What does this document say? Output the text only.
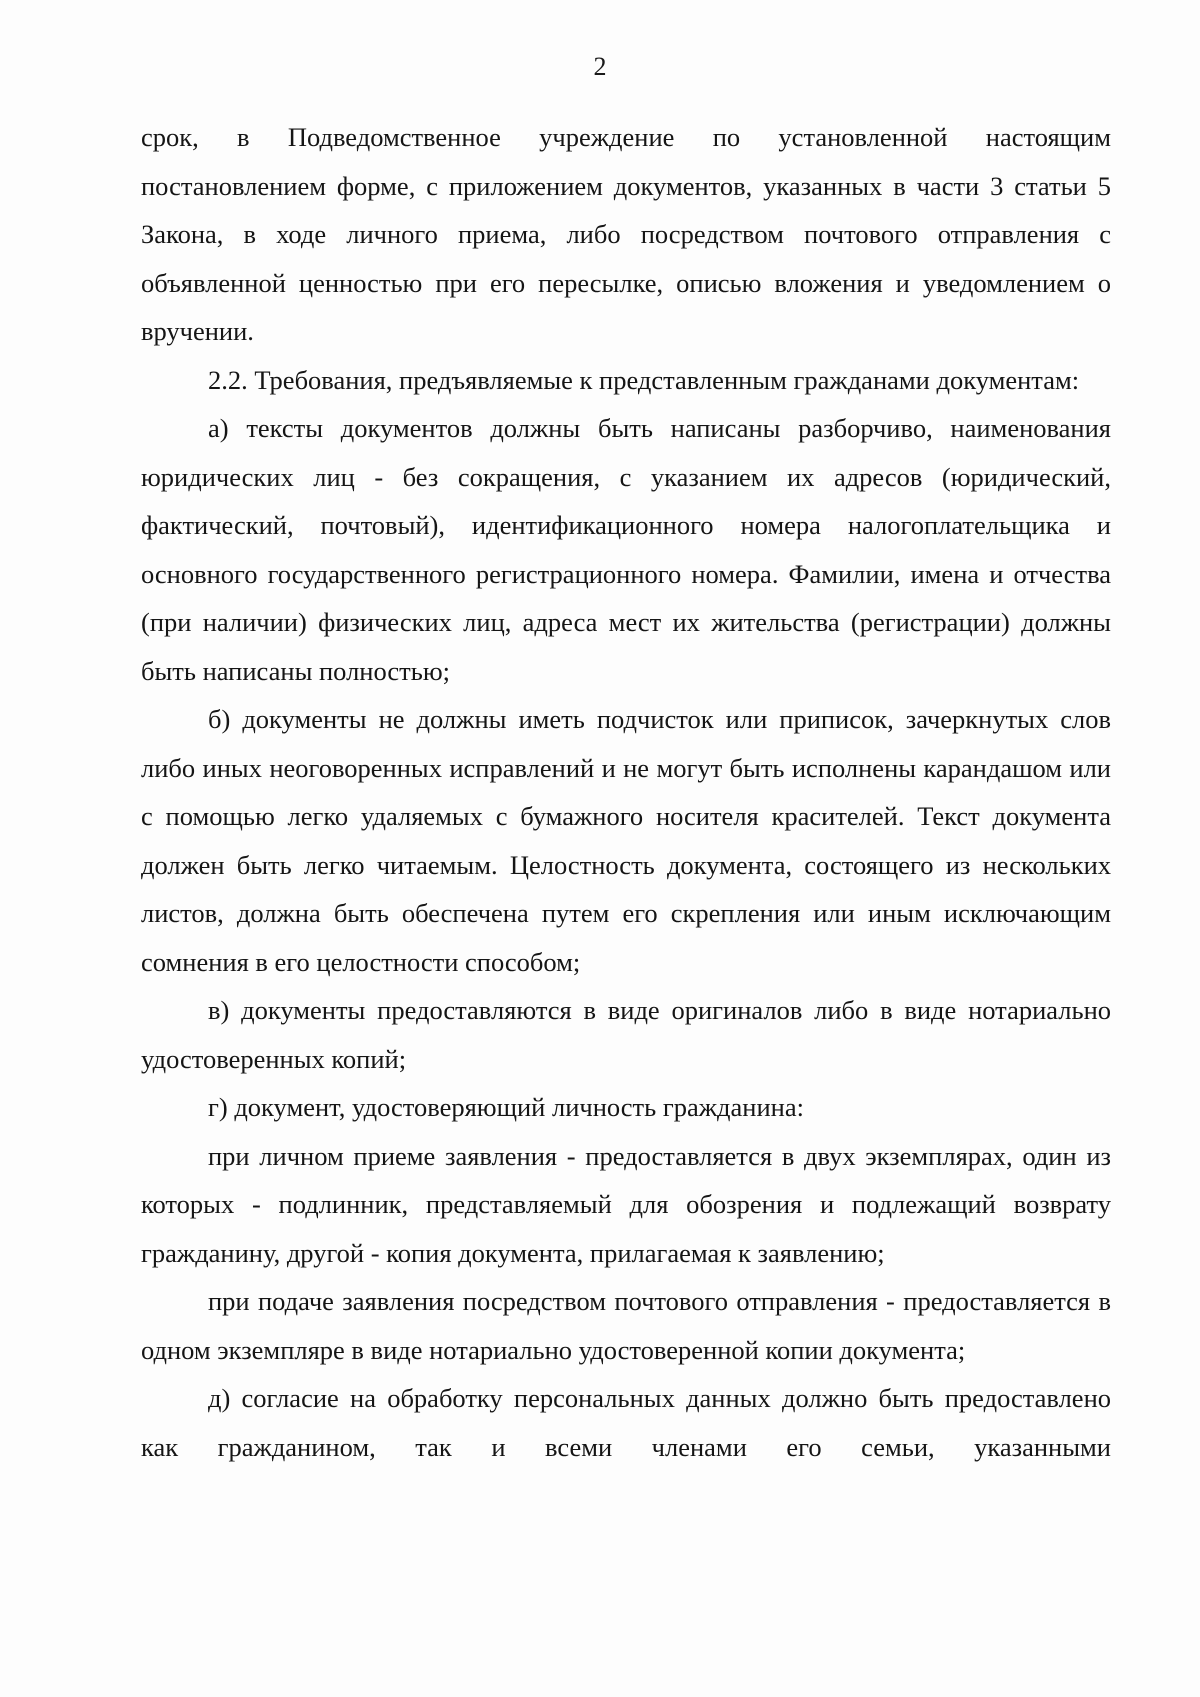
2

срок, в Подведомственное учреждение по установленной настоящим постановлением форме, с приложением документов, указанных в части 3 статьи 5 Закона, в ходе личного приема, либо посредством почтового отправления с объявленной ценностью при его пересылке, описью вложения и уведомлением о вручении.

2.2. Требования, предъявляемые к представленным гражданами документам:

а) тексты документов должны быть написаны разборчиво, наименования юридических лиц - без сокращения, с указанием их адресов (юридический, фактический, почтовый), идентификационного номера налогоплательщика и основного государственного регистрационного номера. Фамилии, имена и отчества (при наличии) физических лиц, адреса мест их жительства (регистрации) должны быть написаны полностью;

б) документы не должны иметь подчисток или приписок, зачеркнутых слов либо иных неоговоренных исправлений и не могут быть исполнены карандашом или с помощью легко удаляемых с бумажного носителя красителей. Текст документа должен быть легко читаемым. Целостность документа, состоящего из нескольких листов, должна быть обеспечена путем его скрепления или иным исключающим сомнения в его целостности способом;

в) документы предоставляются в виде оригиналов либо в виде нотариально удостоверенных копий;

г) документ, удостоверяющий личность гражданина:

при личном приеме заявления - предоставляется в двух экземплярах, один из которых - подлинник, представляемый для обозрения и подлежащий возврату гражданину, другой - копия документа, прилагаемая к заявлению;

при подаче заявления посредством почтового отправления - предоставляется в одном экземпляре в виде нотариально удостоверенной копии документа;

д) согласие на обработку персональных данных должно быть предоставлено как гражданином, так и всеми членами его семьи, указанными
